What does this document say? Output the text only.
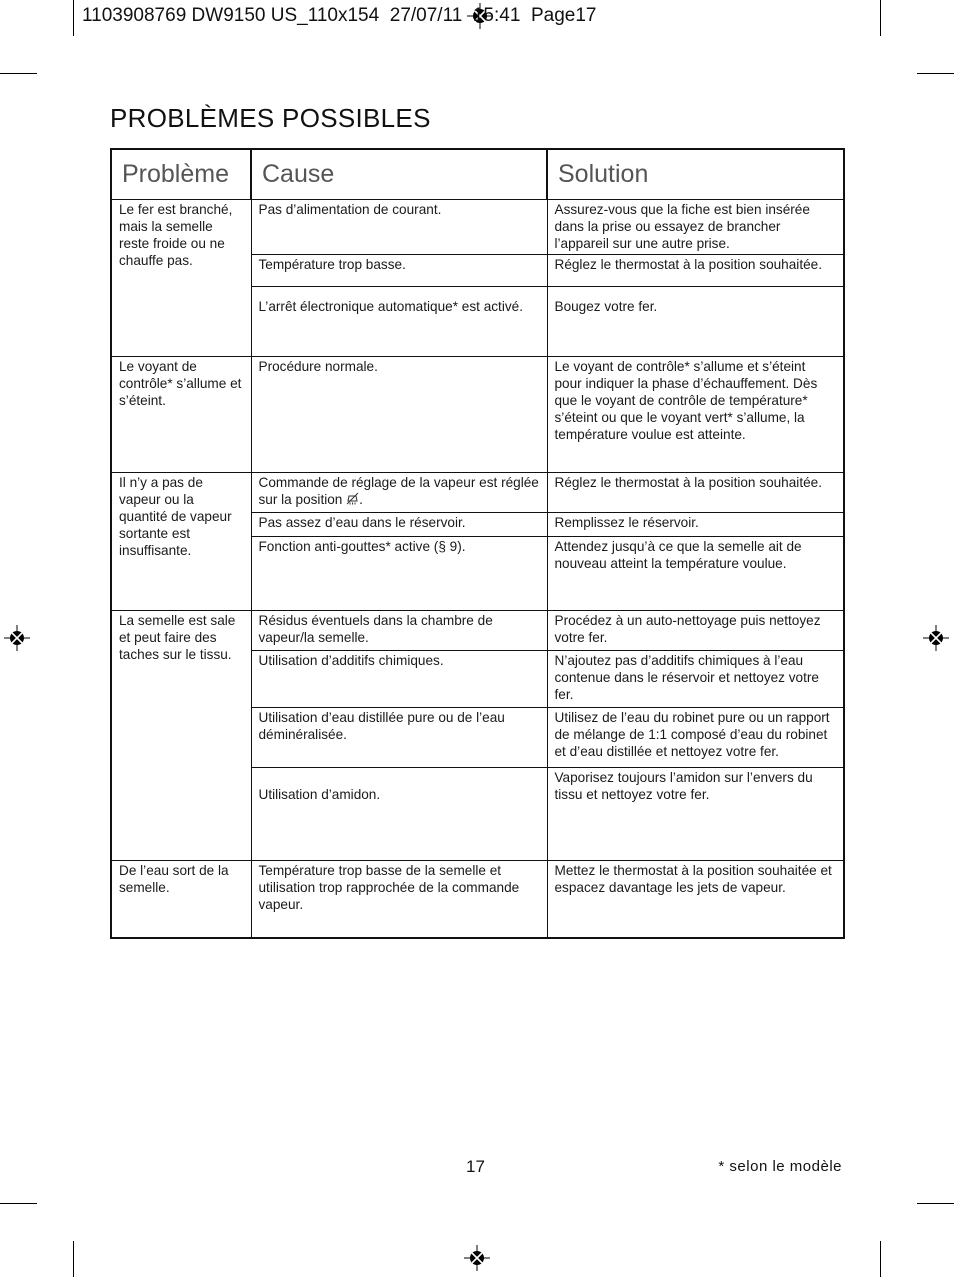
1103908769 DW9150 US_110x154  27/07/11  15:41  Page17
PROBLÈMES POSSIBLES
Problème	Cause	Solution
Le fer est branché, mais la semelle reste froide ou ne chauffe pas.	Pas d’alimentation de courant.	Assurez-vous que la fiche est bien insérée dans la prise ou essayez de brancher l’appareil sur une autre prise.
	Température trop basse.	Réglez le thermostat à la position souhaitée.
	L’arrêt électronique automatique* est activé.	Bougez votre fer.
Le voyant de contrôle* s’allume et s’éteint.	Procédure normale.	Le voyant de contrôle* s’allume et s’éteint pour indiquer la phase d’échauffement. Dès que le voyant de contrôle de température* s’éteint ou que le voyant vert* s’allume, la température voulue est atteinte.
Il n’y a pas de vapeur ou la quantité de vapeur sortante est insuffisante.	Commande de réglage de la vapeur est réglée sur la position .	Réglez le thermostat à la position souhaitée.
	Pas assez d’eau dans le réservoir.	Remplissez le réservoir.
	Fonction anti-gouttes* active (§ 9).	Attendez jusqu’à ce que la semelle ait de nouveau atteint la température voulue.
La semelle est sale et peut faire des taches sur le tissu.	Résidus éventuels dans la chambre de vapeur/la semelle.	Procédez à un auto-nettoyage puis nettoyez votre fer.
	Utilisation d’additifs chimiques.	N’ajoutez pas d’additifs chimiques à l’eau contenue dans le réservoir et nettoyez votre fer.
	Utilisation d’eau distillée pure ou de l’eau déminéralisée.	Utilisez de l’eau du robinet pure ou un rapport de mélange de 1:1 composé d’eau du robinet et d’eau distillée et nettoyez votre fer.
	Utilisation d’amidon.	Vaporisez toujours l’amidon sur l’envers du tissu et nettoyez votre fer.
De l’eau sort de la semelle.	Température trop basse de la semelle et utilisation trop rapprochée de la commande vapeur.	Mettez le thermostat à la position souhaitée et espacez davantage les jets de vapeur.
17	* selon le modèle
